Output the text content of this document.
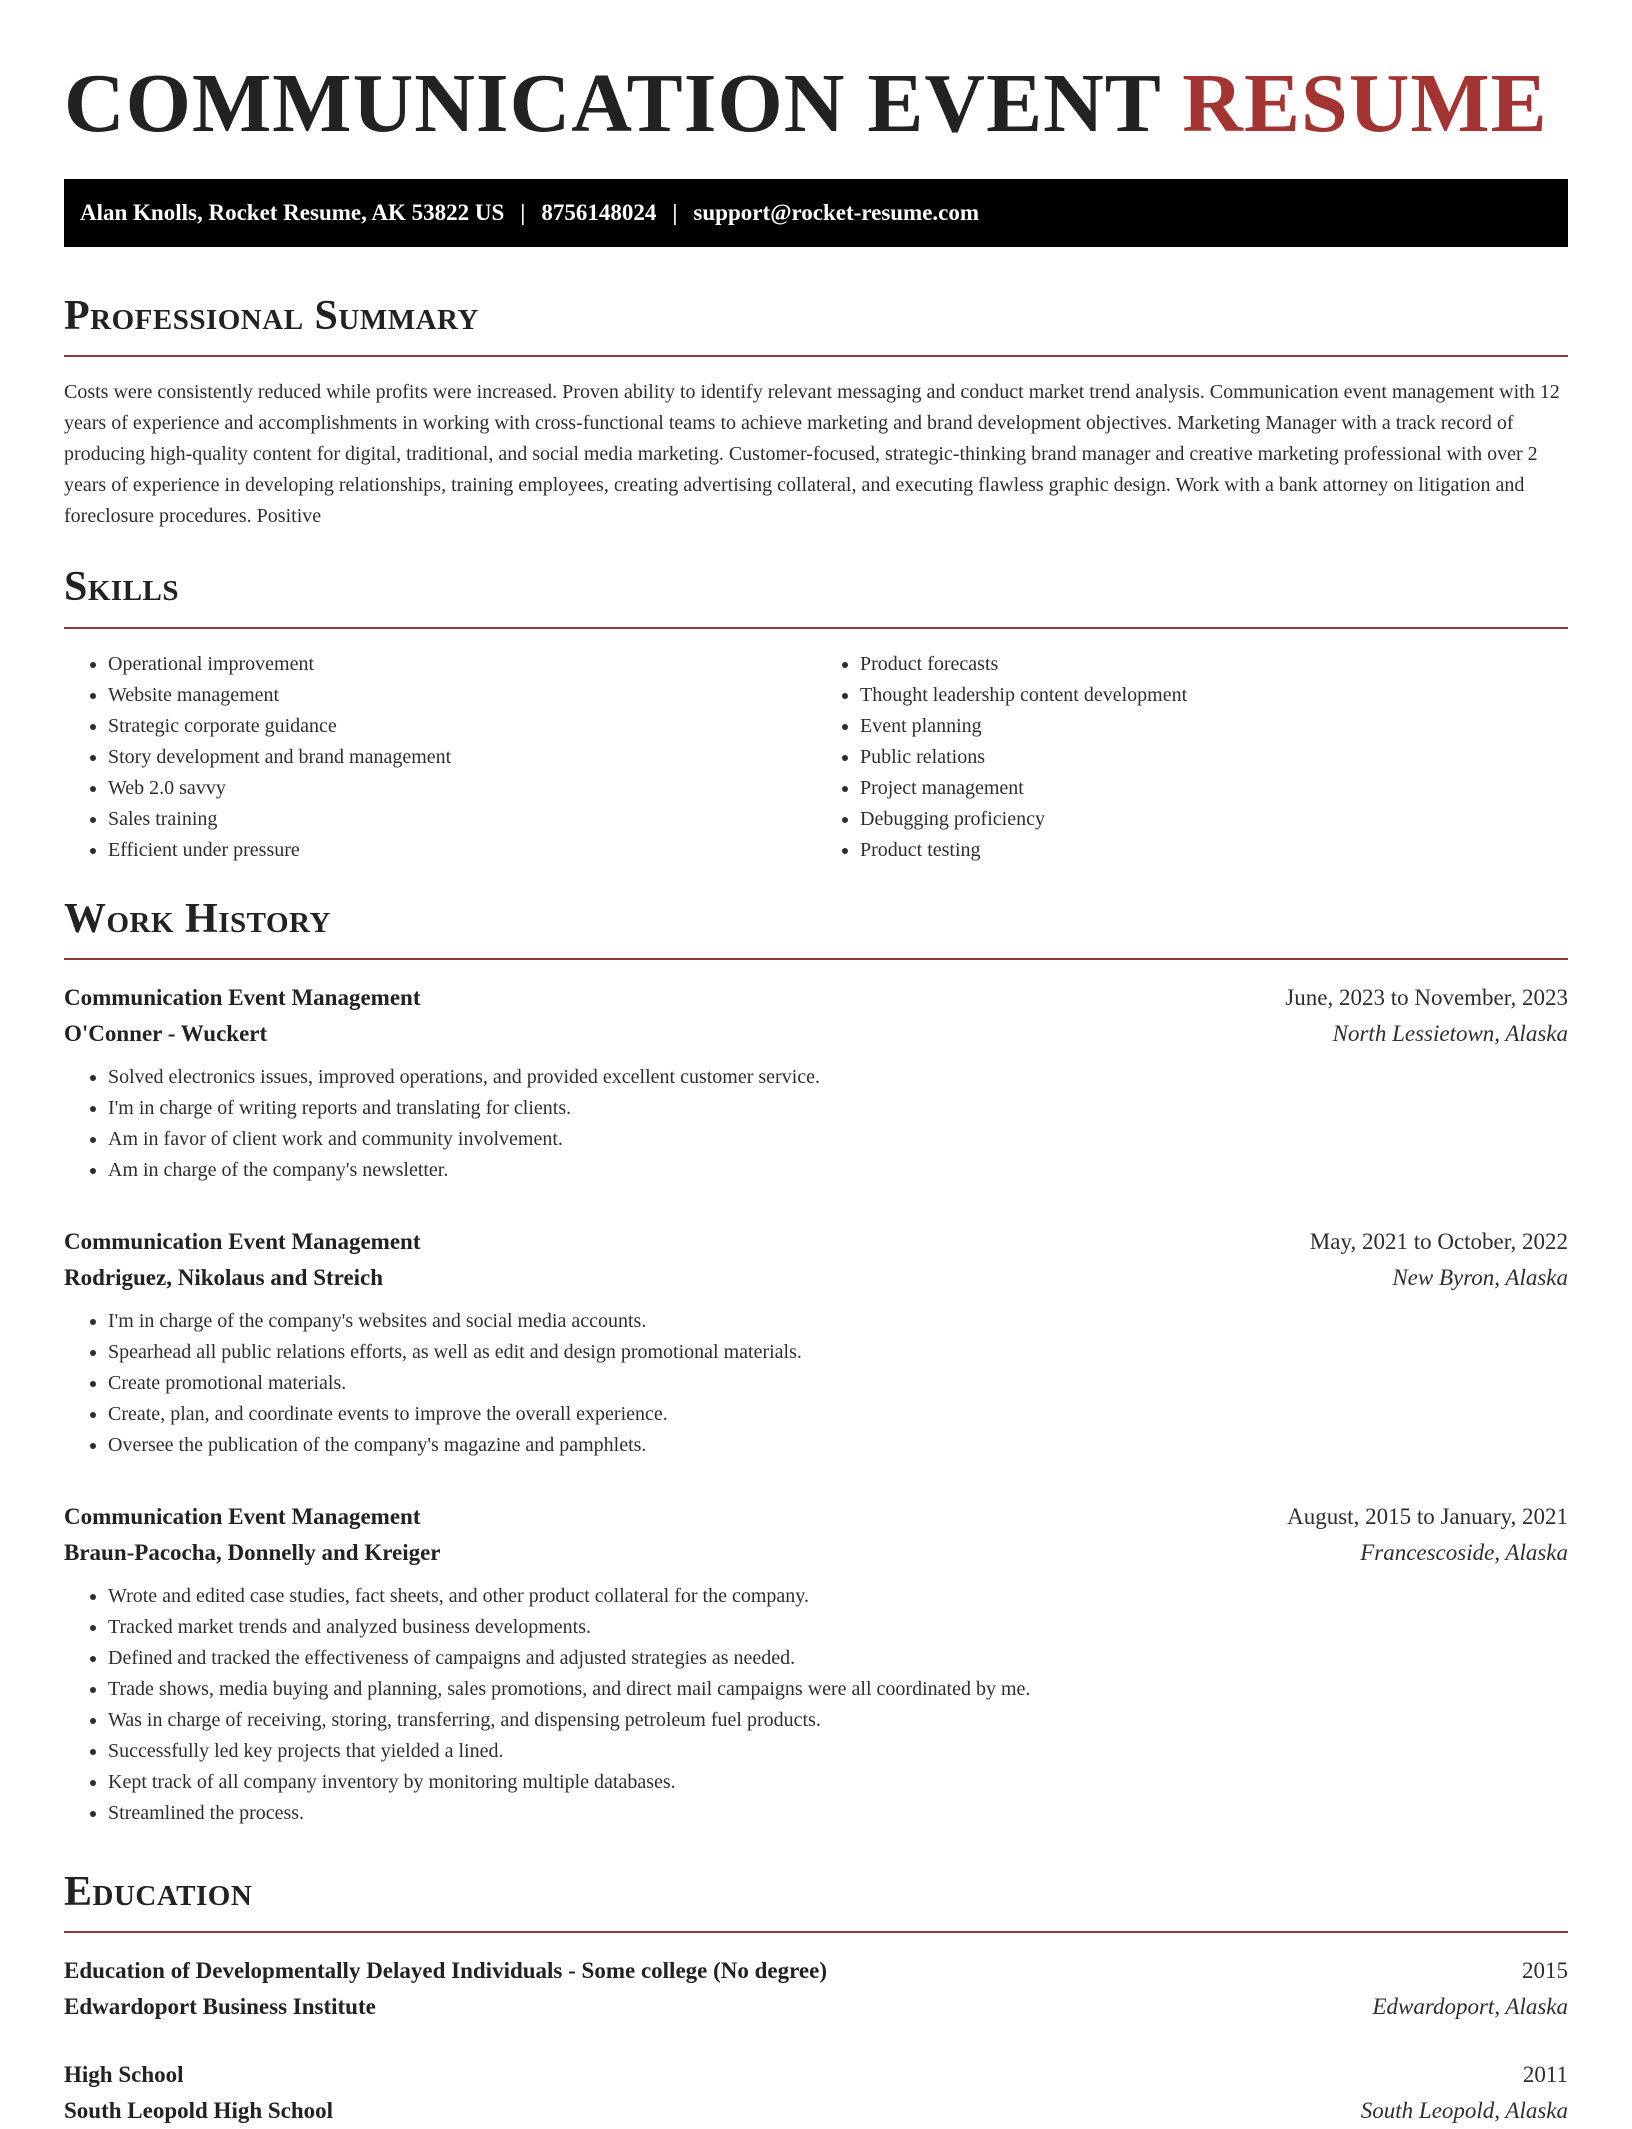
COMMUNICATION EVENT RESUME
Alan Knolls, Rocket Resume, AK 53822 US | 8756148024 | support@rocket-resume.com
Professional Summary

Costs were consistently reduced while profits were increased. Proven ability to identify relevant messaging and conduct market trend analysis. Communication event management with 12 years of experience and accomplishments in working with cross-functional teams to achieve marketing and brand development objectives. Marketing Manager with a track record of producing high-quality content for digital, traditional, and social media marketing. Customer-focused, strategic-thinking brand manager and creative marketing professional with over 2 years of experience in developing relationships, training employees, creating advertising collateral, and executing flawless graphic design. Work with a bank attorney on litigation and foreclosure procedures. Positive

Skills
• Operational improvement
• Website management
• Strategic corporate guidance
• Story development and brand management
• Web 2.0 savvy
• Sales training
• Efficient under pressure
• Product forecasts
• Thought leadership content development
• Event planning
• Public relations
• Project management
• Debugging proficiency
• Product testing
Work History
Communication Event Management	June, 2023 to November, 2023
O'Conner - Wuckert	North Lessietown, Alaska
• Solved electronics issues, improved operations, and provided excellent customer service.
• I'm in charge of writing reports and translating for clients.
• Am in favor of client work and community involvement.
• Am in charge of the company's newsletter.
Communication Event Management	May, 2021 to October, 2022
Rodriguez, Nikolaus and Streich	New Byron, Alaska
• I'm in charge of the company's websites and social media accounts.
• Spearhead all public relations efforts, as well as edit and design promotional materials.
• Create promotional materials.
• Create, plan, and coordinate events to improve the overall experience.
• Oversee the publication of the company's magazine and pamphlets.
Communication Event Management	August, 2015 to January, 2021
Braun-Pacocha, Donnelly and Kreiger	Francescoside, Alaska
• Wrote and edited case studies, fact sheets, and other product collateral for the company.
• Tracked market trends and analyzed business developments.
• Defined and tracked the effectiveness of campaigns and adjusted strategies as needed.
• Trade shows, media buying and planning, sales promotions, and direct mail campaigns were all coordinated by me.
• Was in charge of receiving, storing, transferring, and dispensing petroleum fuel products.
• Successfully led key projects that yielded a lined.
• Kept track of all company inventory by monitoring multiple databases.
• Streamlined the process.
Education
Education of Developmentally Delayed Individuals - Some college (No degree)	2015
Edwardoport Business Institute	Edwardoport, Alaska
High School	2011
South Leopold High School	South Leopold, Alaska
